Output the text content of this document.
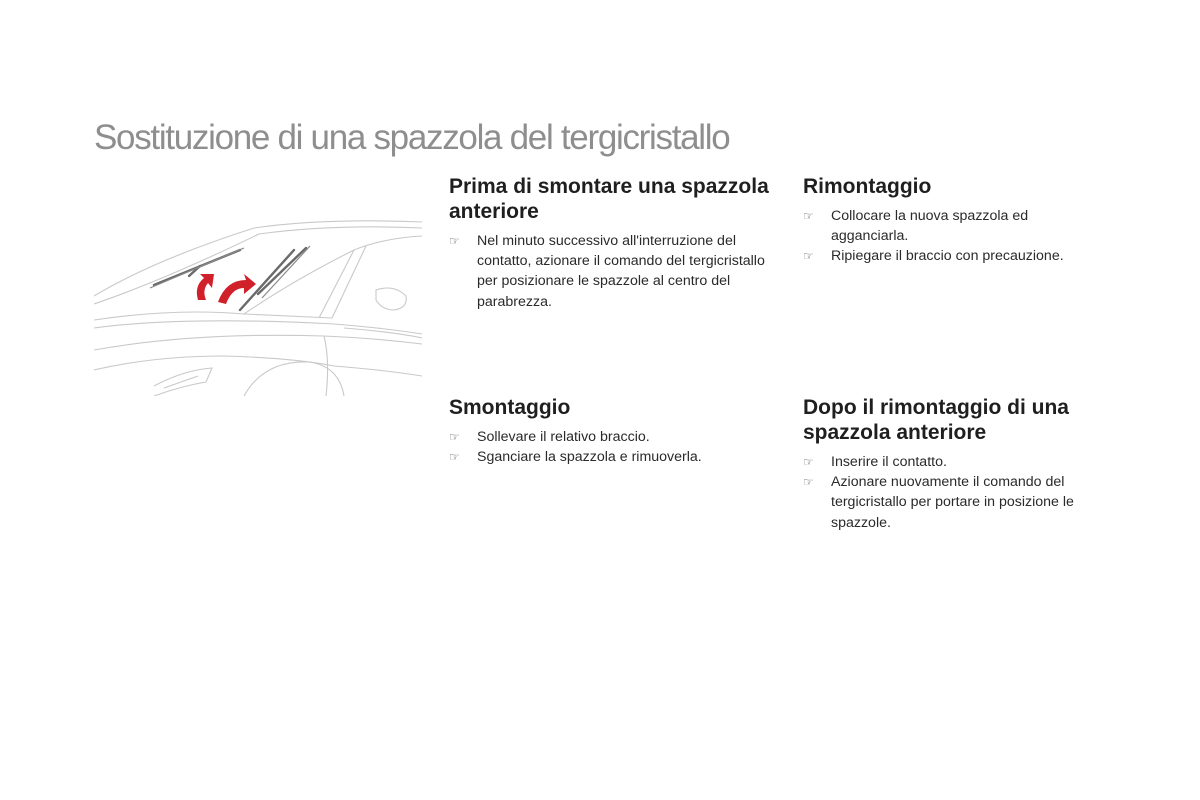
Sostituzione di una spazzola del tergicristallo
Prima di smontare una spazzola anteriore
☞ Nel minuto successivo all'interruzione del contatto, azionare il comando del tergicristallo per posizionare le spazzole al centro del parabrezza.
Smontaggio
☞ Sollevare il relativo braccio.
☞ Sganciare la spazzola e rimuoverla.
Rimontaggio
☞ Collocare la nuova spazzola ed agganciarla.
☞ Ripiegare il braccio con precauzione.
Dopo il rimontaggio di una spazzola anteriore
☞ Inserire il contatto.
☞ Azionare nuovamente il comando del tergicristallo per portare in posizione le spazzole.
